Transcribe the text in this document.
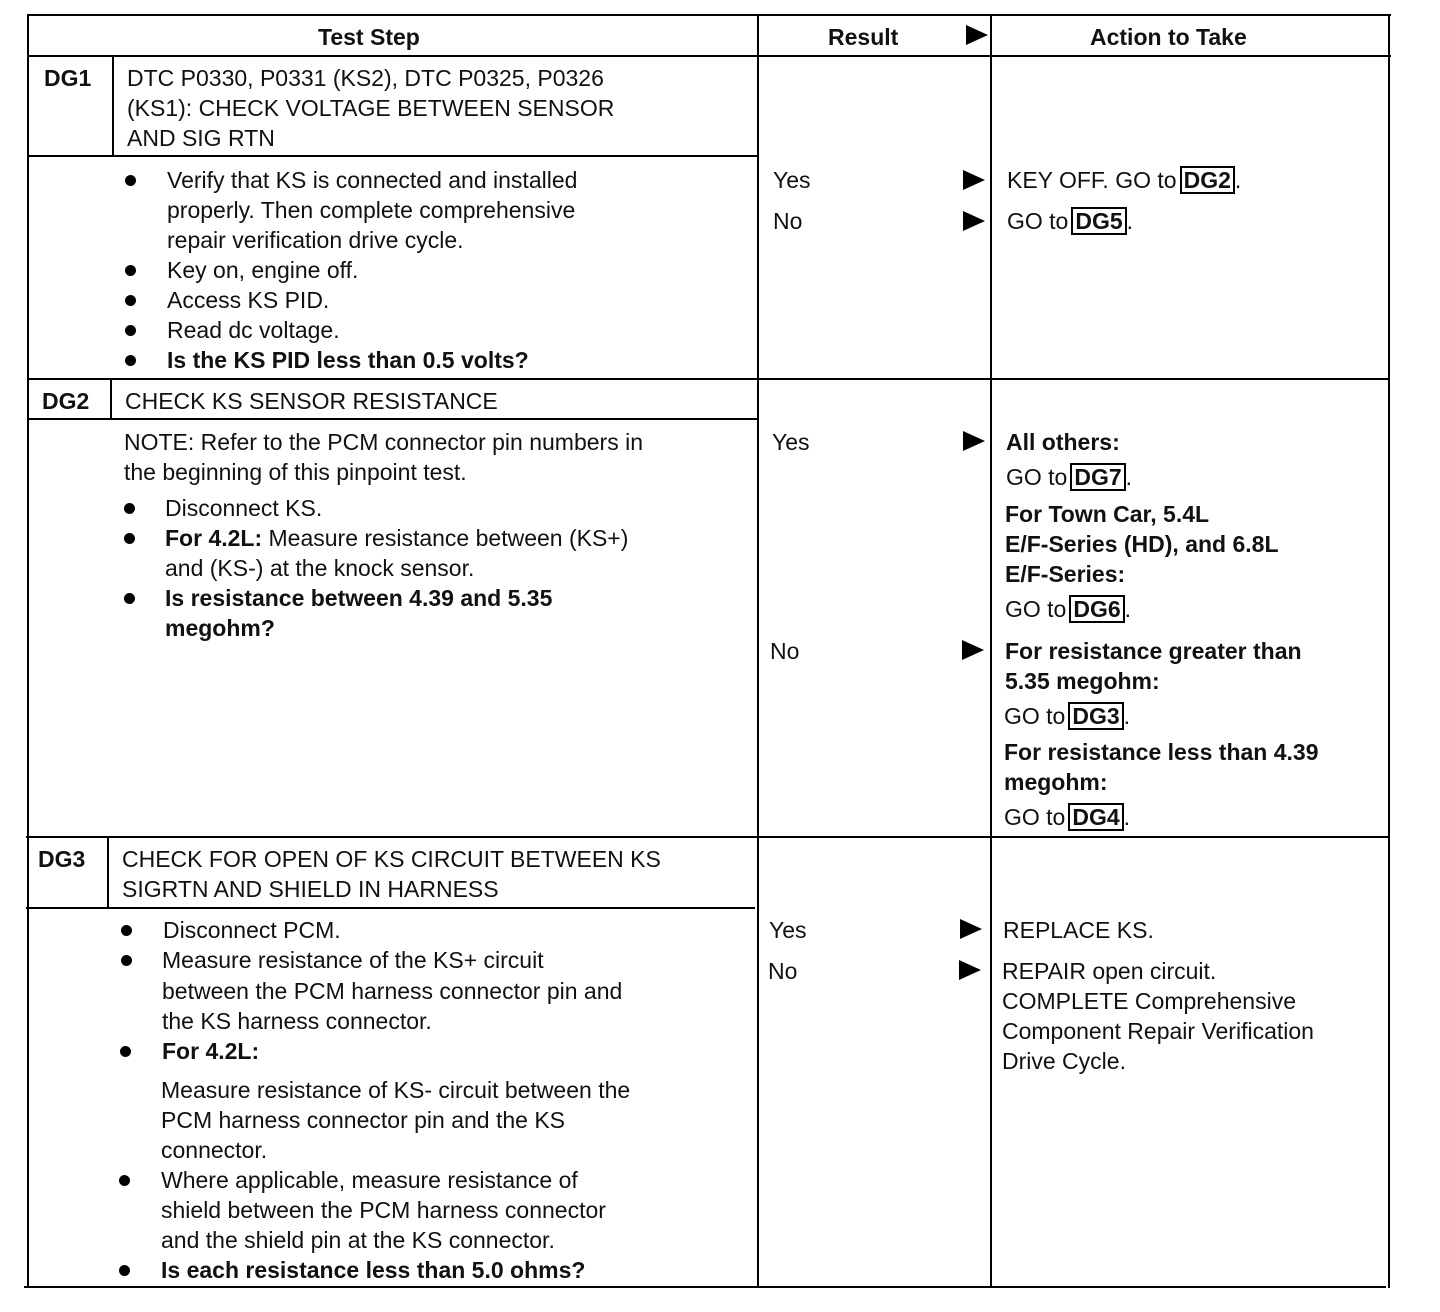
Test Step	Result	Action to Take
DG1 DTC P0330, P0331 (KS2), DTC P0325, P0326
(KS1): CHECK VOLTAGE BETWEEN SENSOR
AND SIG RTN
Verify that KS is connected and installed
properly. Then complete comprehensive
repair verification drive cycle.
Key on, engine off.
Access KS PID.
Read dc voltage.
Is the KS PID less than 0.5 volts?
Yes
No
KEY OFF. GO to DG2 .
GO to DG5 .
DG2 CHECK KS SENSOR RESISTANCE
NOTE: Refer to the PCM connector pin numbers in
the beginning of this pinpoint test.
Disconnect KS.
For 4.2L: Measure resistance between (KS+)
and (KS-) at the knock sensor.
Is resistance between 4.39 and 5.35
megohm?
Yes
No
All others:
GO to DG7 .
For Town Car, 5.4L
E/F-Series (HD), and 6.8L
E/F-Series:
GO to DG6 .
For resistance greater than
5.35 megohm:
GO to DG3 .
For resistance less than 4.39
megohm:
GO to DG4 .
DG3 CHECK FOR OPEN OF KS CIRCUIT BETWEEN KS
SIGRTN AND SHIELD IN HARNESS
Disconnect PCM.
Measure resistance of the KS+ circuit
between the PCM harness connector pin and
the KS harness connector.
For 4.2L:
Measure resistance of KS- circuit between the
PCM harness connector pin and the KS
connector.
Where applicable, measure resistance of
shield between the PCM harness connector
and the shield pin at the KS connector.
Is each resistance less than 5.0 ohms?
Yes
No
REPLACE KS.
REPAIR open circuit.
COMPLETE Comprehensive
Component Repair Verification
Drive Cycle.
